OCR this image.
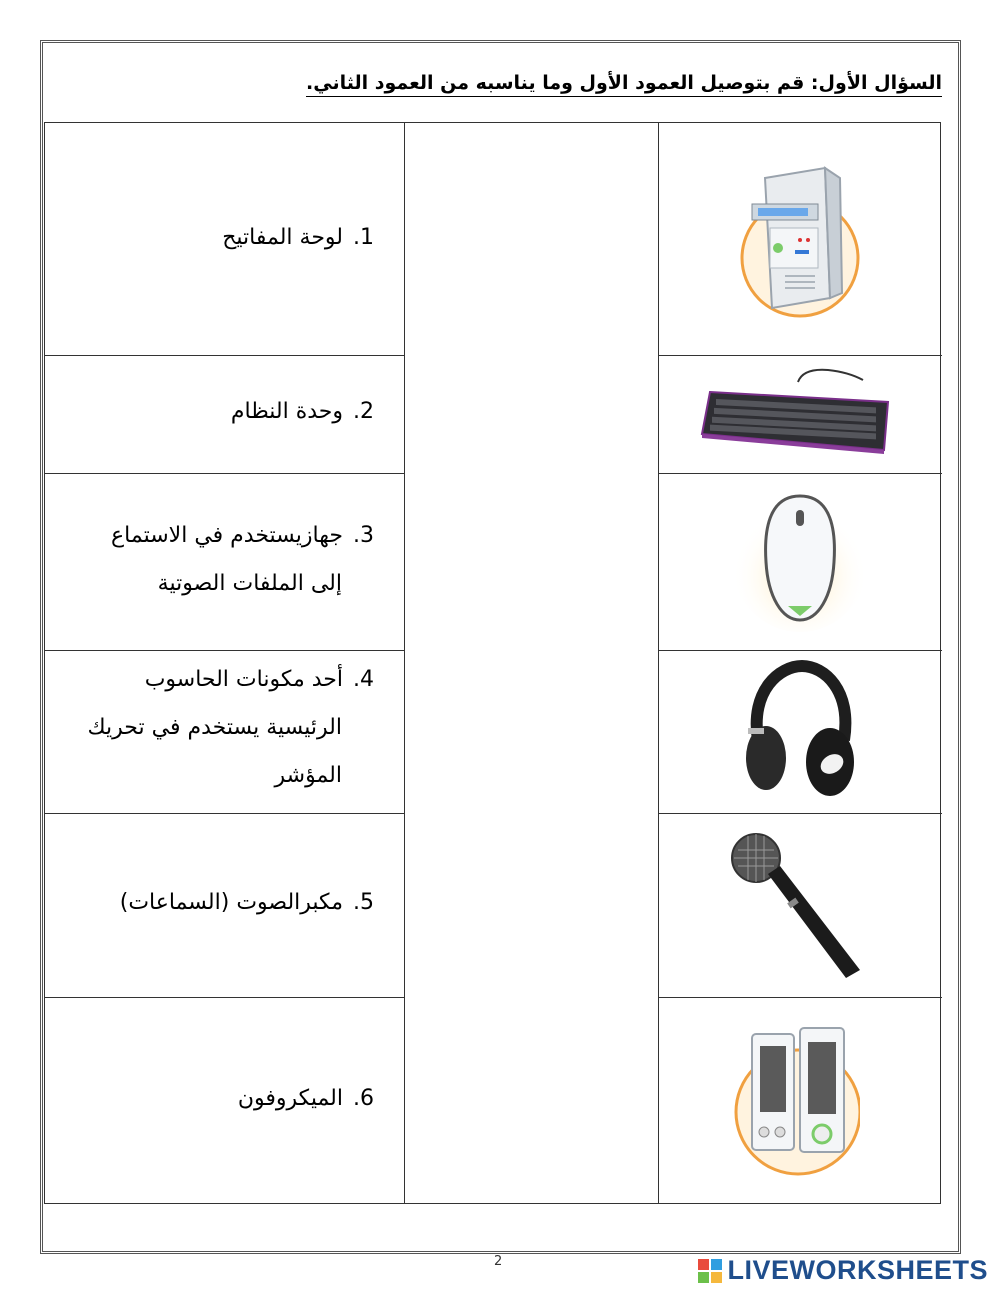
السؤال الأول: قم بتوصيل العمود الأول وما يناسبه من العمود الثاني.
1.لوحة المفاتيح
2.وحدة النظام
3.جهازيستخدم في الاستماع
إلى الملفات الصوتية
4.أحد مكونات الحاسوب
الرئيسية يستخدم في تحريك
المؤشر
5.مكبرالصوت (السماعات)
6.الميكروفون
2	LIVEWORKSHEETS
